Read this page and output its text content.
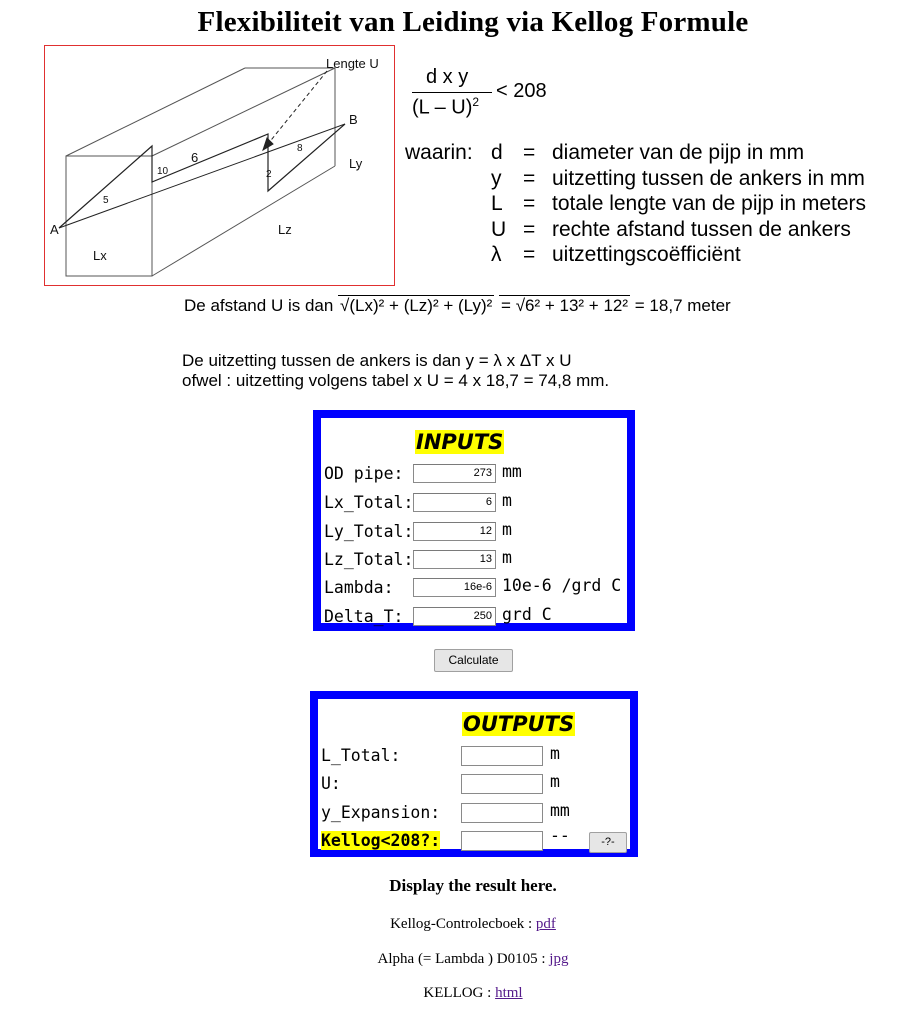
Flexibiliteit van Leiding via Kellog Formule
Lengte U
B
A
Ly
Lx
Lz
10
6
8
2
5
d x y
(L – U)$^2$ < 208
waarin: d = diameter van de pijp in mm
y = uitzetting tussen de ankers in mm
L = totale lengte van de pijp in meters
U = rechte afstand tussen de ankers
λ = uitzettingscoëfficiënt
De afstand U is dan √(Lx)² + (Lz)² + (Ly)² = √6² + 13² + 12² = 18,7 meter
De uitzetting tussen de ankers is dan y = λ x ΔT x U
ofwel : uitzetting volgens tabel x U = 4 x 18,7 = 74,8 mm.
INPUTS
OD pipe:	273 mm
Lx_Total:	6 m
Ly_Total:	12 m
Lz_Total:	13 m
Lambda:	16e-6 10e-6 /grd C
Delta_T:	250 grd C
Calculate
OUTPUTS
L_Total:	m
U:	m
y_Expansion:	mm
Kellog<208?:	--	-?-
Display the result here.
Kellog-Controlecboek : pdf
Alpha (= Lambda ) D0105 : jpg
KELLOG : html
